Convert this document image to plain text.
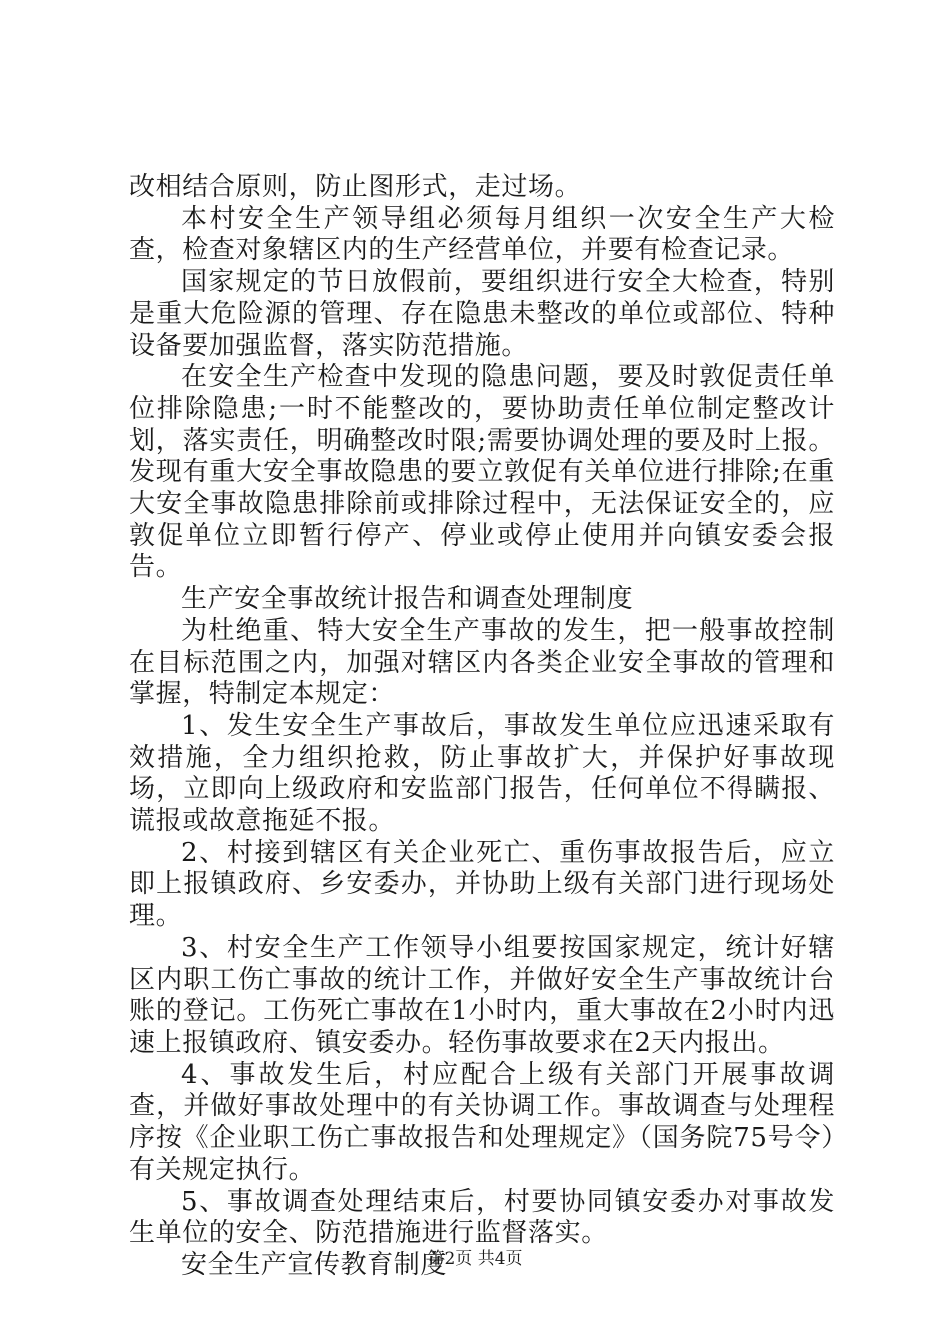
改相结合原则，防止图形式，走过场。

本村安全生产领导组必须每月组织一次安全生产大检查，检查对象辖区内的生产经营单位，并要有检查记录。

国家规定的节日放假前，要组织进行安全大检查，特别是重大危险源的管理、存在隐患未整改的单位或部位、特种设备要加强监督，落实防范措施。

在安全生产检查中发现的隐患问题，要及时敦促责任单位排除隐患;一时不能整改的，要协助责任单位制定整改计划，落实责任，明确整改时限;需要协调处理的要及时上报。发现有重大安全事故隐患的要立敦促有关单位进行排除;在重大安全事故隐患排除前或排除过程中，无法保证安全的，应敦促单位立即暂行停产、停业或停止使用并向镇安委会报告。

生产安全事故统计报告和调查处理制度

为杜绝重、特大安全生产事故的发生，把一般事故控制在目标范围之内，加强对辖区内各类企业安全事故的管理和掌握，特制定本规定：

1、发生安全生产事故后，事故发生单位应迅速采取有效措施，全力组织抢救，防止事故扩大，并保护好事故现场，立即向上级政府和安监部门报告，任何单位不得瞒报、谎报或故意拖延不报。

2、村接到辖区有关企业死亡、重伤事故报告后，应立即上报镇政府、乡安委办，并协助上级有关部门进行现场处理。

3、村安全生产工作领导小组要按国家规定，统计好辖区内职工伤亡事故的统计工作，并做好安全生产事故统计台账的登记。工伤死亡事故在1小时内，重大事故在2小时内迅速上报镇政府、镇安委办。轻伤事故要求在2天内报出。

4、事故发生后，村应配合上级有关部门开展事故调查，并做好事故处理中的有关协调工作。事故调查与处理程序按《企业职工伤亡事故报告和处理规定》（国务院75号令）有关规定执行。

5、事故调查处理结束后，村要协同镇安委办对事故发生单位的安全、防范措施进行监督落实。

安全生产宣传教育制度

第2页 共4页
